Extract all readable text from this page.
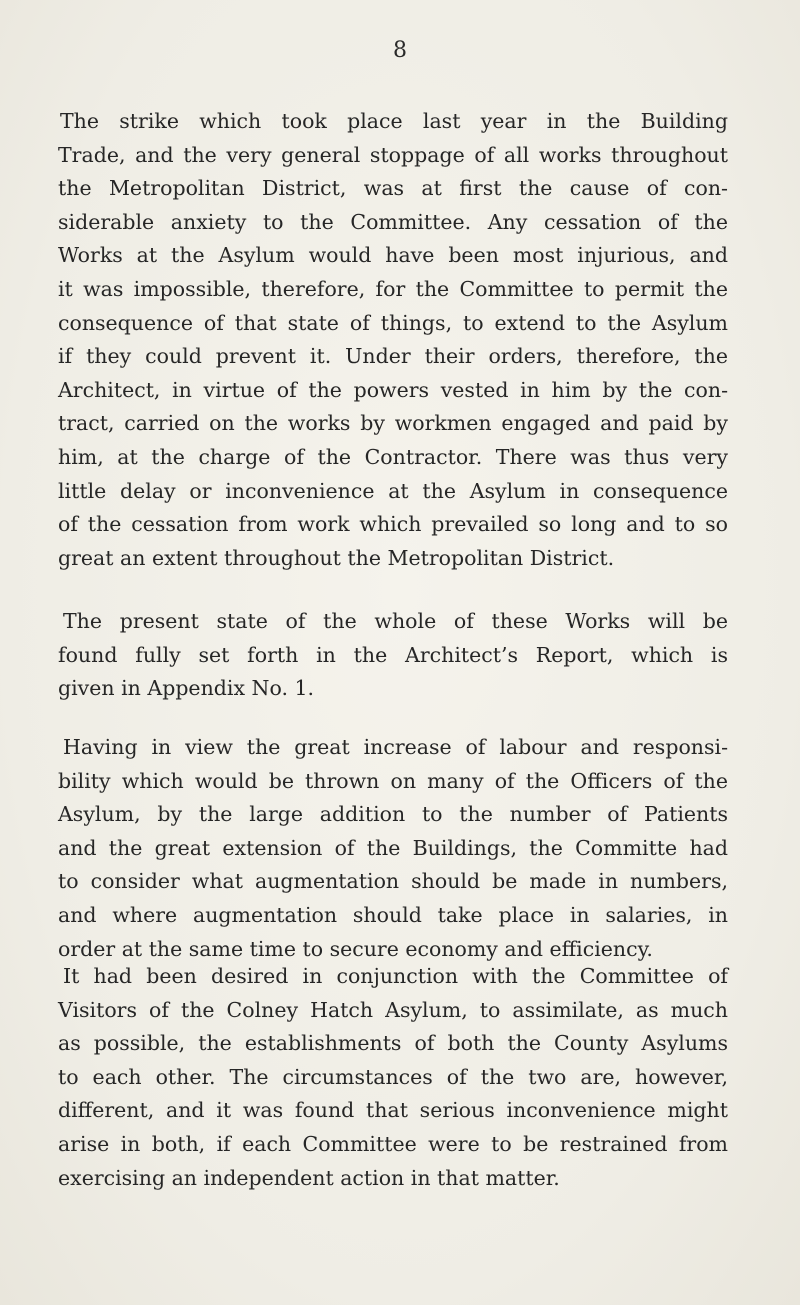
8
The strike which took place last year in the Building
Trade, and the very general stoppage of all works throughout
the Metropolitan District, was at first the cause of con-
siderable anxiety to the Committee. Any cessation of the
Works at the Asylum would have been most injurious, and
it was impossible, therefore, for the Committee to permit the
consequence of that state of things, to extend to the Asylum
if they could prevent it. Under their orders, therefore, the
Architect, in virtue of the powers vested in him by the con-
tract, carried on the works by workmen engaged and paid by
him, at the charge of the Contractor. There was thus very
little delay or inconvenience at the Asylum in consequence
of the cessation from work which prevailed so long and to so
great an extent throughout the Metropolitan District.
The present state of the whole of these Works will be
found fully set forth in the Architect’s Report, which is
given in Appendix No. 1.
Having in view the great increase of labour and responsi-
bility which would be thrown on many of the Officers of the
Asylum, by the large addition to the number of Patients
and the great extension of the Buildings, the Committe had
to consider what augmentation should be made in numbers,
and where augmentation should take place in salaries, in
order at the same time to secure economy and efficiency.
It had been desired in conjunction with the Committee of
Visitors of the Colney Hatch Asylum, to assimilate, as much
as possible, the establishments of both the County Asylums
to each other. The circumstances of the two are, however,
different, and it was found that serious inconvenience might
arise in both, if each Committee were to be restrained from
exercising an independent action in that matter.
